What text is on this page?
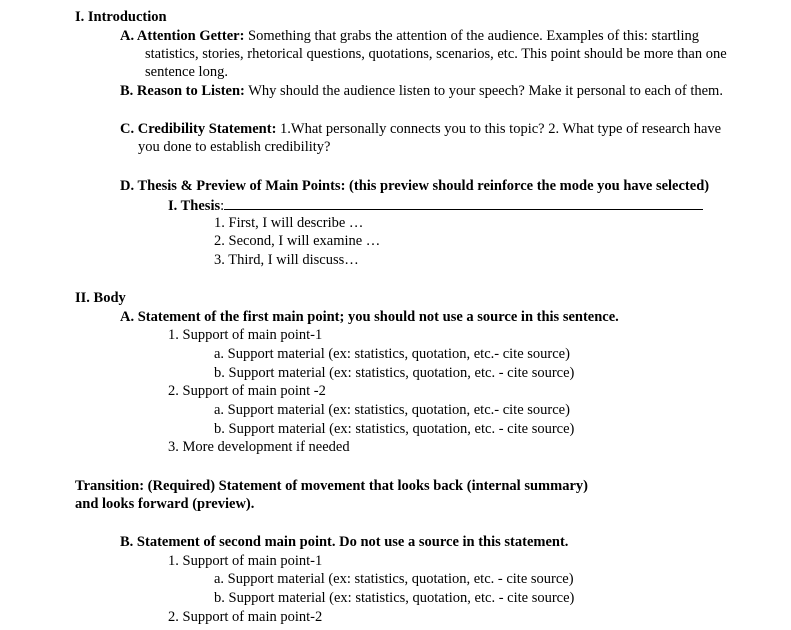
I. Introduction
A. Attention Getter: Something that grabs the attention of the audience. Examples of this: startling
statistics, stories, rhetorical questions, quotations, scenarios, etc. This point should be more than one
sentence long.
B. Reason to Listen: Why should the audience listen to your speech? Make it personal to each of them.
C. Credibility Statement: 1.What personally connects you to this topic? 2. What type of research have
you done to establish credibility?
D. Thesis & Preview of Main Points: (this preview should reinforce the mode you have selected)
I. Thesis:
1. First, I will describe …
2. Second, I will examine …
3. Third, I will discuss…
II. Body
A. Statement of the first main point; you should not use a source in this sentence.
1. Support of main point-1
a. Support material (ex: statistics, quotation, etc.- cite source)
b. Support material (ex: statistics, quotation, etc. - cite source)
2. Support of main point -2
a. Support material (ex: statistics, quotation, etc.- cite source)
b. Support material (ex: statistics, quotation, etc. - cite source)
3. More development if needed
Transition: (Required) Statement of movement that looks back (internal summary)
and looks forward (preview).
B. Statement of second main point. Do not use a source in this statement.
1. Support of main point-1
a. Support material (ex: statistics, quotation, etc. - cite source)
b. Support material (ex: statistics, quotation, etc. - cite source)
2. Support of main point-2
